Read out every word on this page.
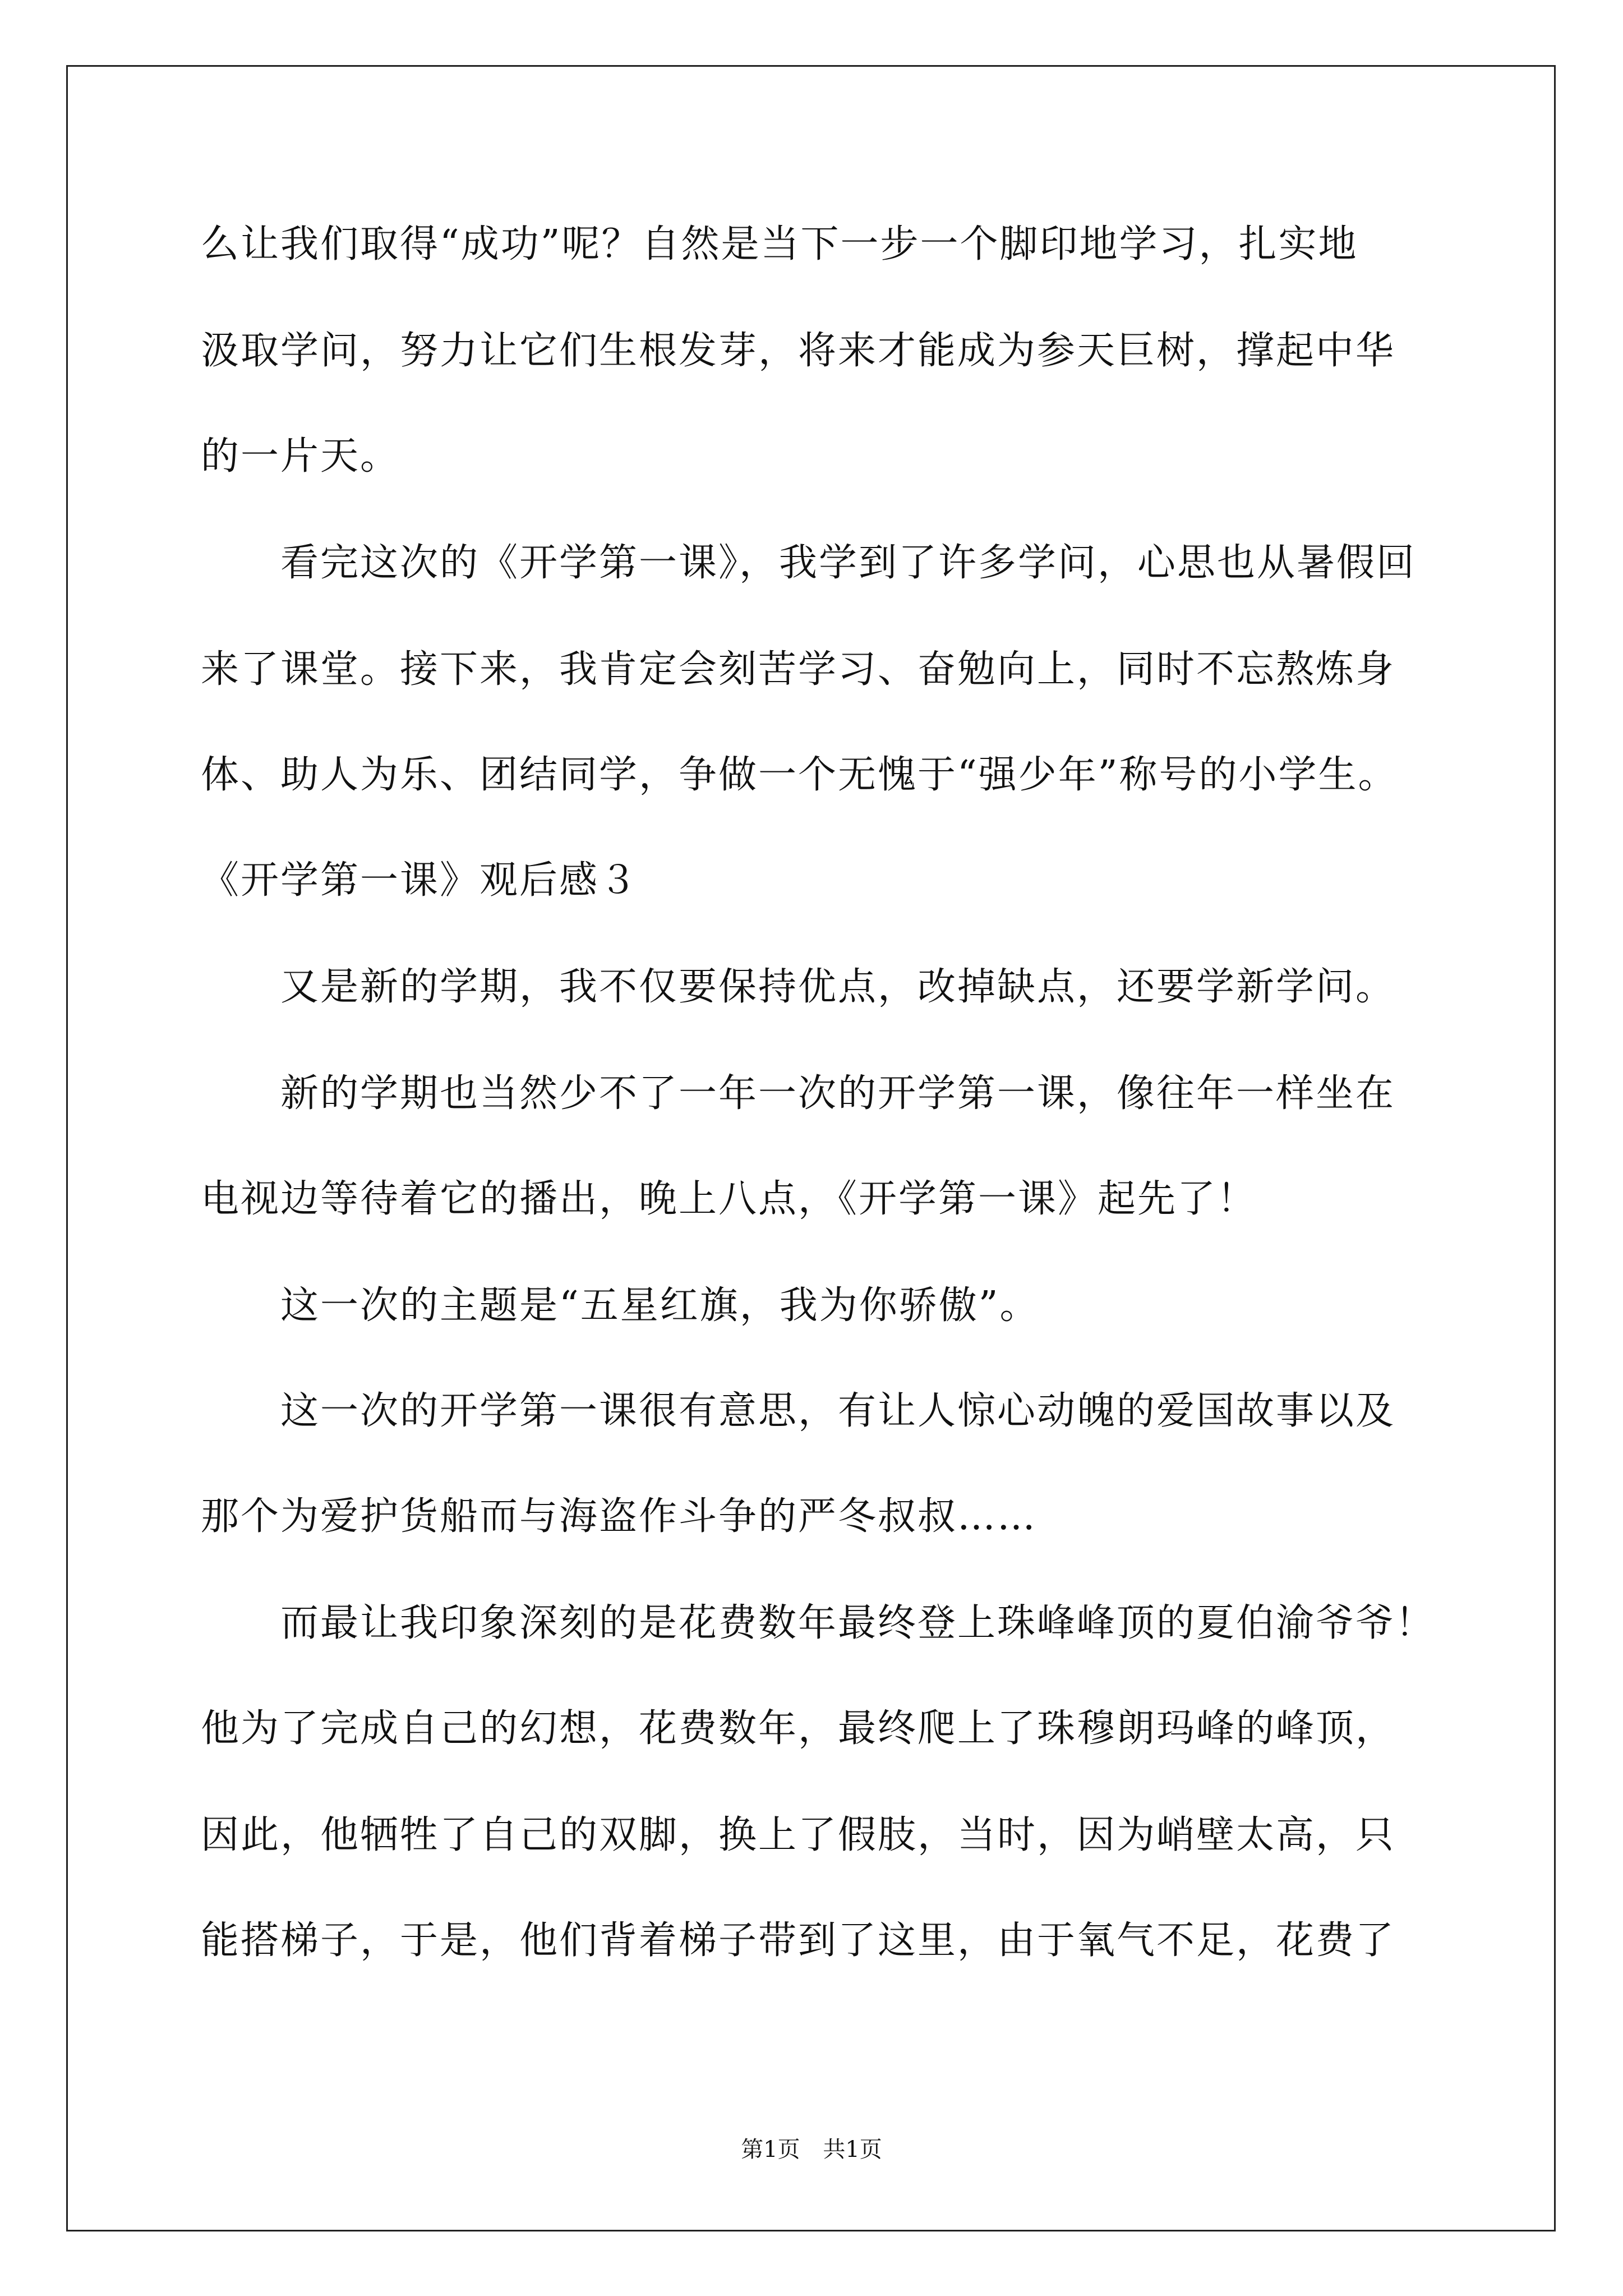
么让我们取得“成功”呢？自然是当下一步一个脚印地学习，扎实地
汲取学问，努力让它们生根发芽，将来才能成为参天巨树，撑起中华
的一片天。
看完这次的《开学第一课》，我学到了许多学问，心思也从暑假回
来了课堂。接下来，我肯定会刻苦学习、奋勉向上，同时不忘熬炼身
体、助人为乐、团结同学，争做一个无愧于“强少年”称号的小学生。
《开学第一课》观后感３
又是新的学期，我不仅要保持优点，改掉缺点，还要学新学问。
新的学期也当然少不了一年一次的开学第一课，像往年一样坐在
电视边等待着它的播出，晚上八点，《开学第一课》起先了！
这一次的主题是“五星红旗，我为你骄傲”。
这一次的开学第一课很有意思，有让人惊心动魄的爱国故事以及
那个为爱护货船而与海盗作斗争的严冬叔叔……
而最让我印象深刻的是花费数年最终登上珠峰峰顶的夏伯渝爷爷！
他为了完成自己的幻想，花费数年，最终爬上了珠穆朗玛峰的峰顶，
因此，他牺牲了自己的双脚，换上了假肢，当时，因为峭壁太高，只
能搭梯子，于是，他们背着梯子带到了这里，由于氧气不足，花费了
第1页 共1页
